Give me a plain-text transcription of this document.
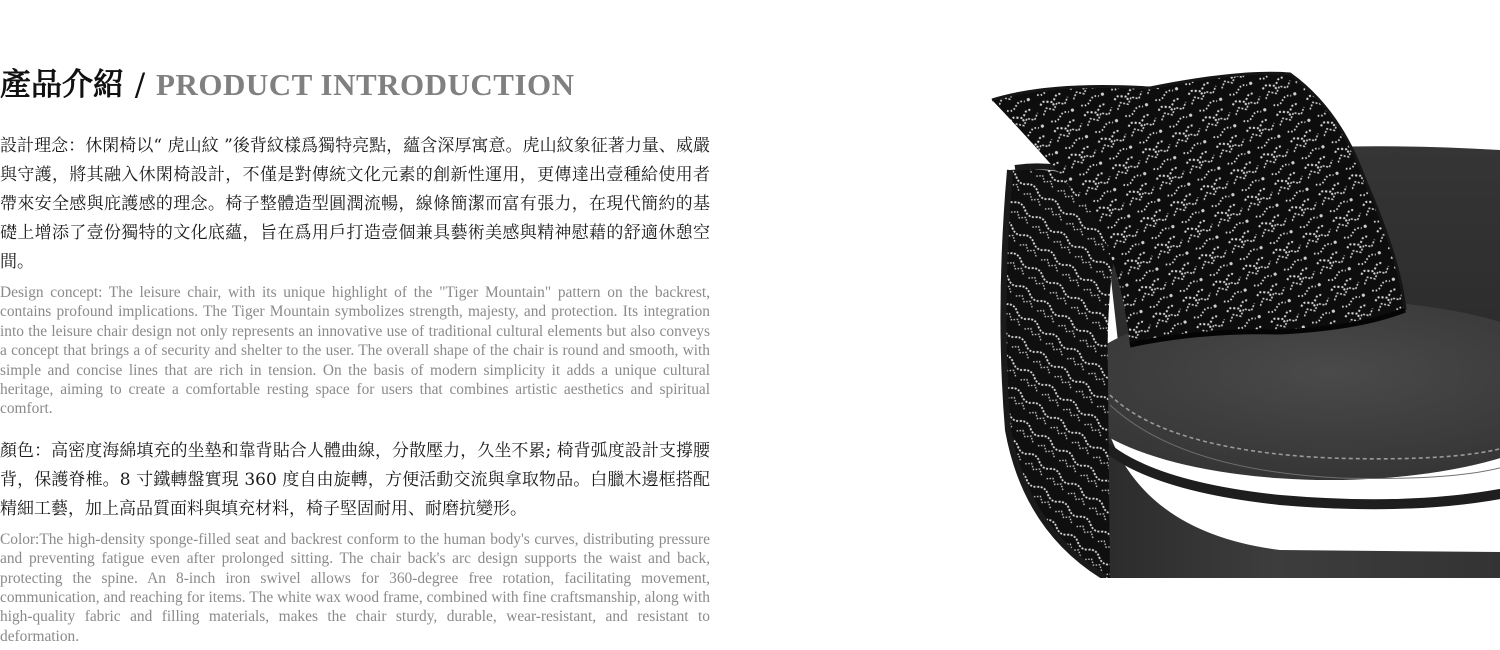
產品介紹 / PRODUCT INTRODUCTION

設計理念：休閑椅以“ 虎山紋 ”後背紋樣爲獨特亮點，蘊含深厚寓意。虎山紋象征著力量、威嚴與守護，將其融入休閑椅設計，不僅是對傳統文化元素的創新性運用，更傳達出壹種給使用者帶來安全感與庇護感的理念。椅子整體造型圓潤流暢，線條簡潔而富有張力，在現代簡約的基礎上增添了壹份獨特的文化底蘊，旨在爲用戶打造壹個兼具藝術美感與精神慰藉的舒適休憩空間。

Design concept: The leisure chair, with its unique highlight of the "Tiger Mountain" pattern on the backrest, contains profound implications. The Tiger Mountain symbolizes strength, majesty, and protection. Its integration into the leisure chair design not only represents an innovative use of traditional cultural elements but also conveys a concept that brings a of security and shelter to the user. The overall shape of the chair is round and smooth, with simple and concise lines that are rich in tension. On the basis of modern simplicity it adds a unique cultural heritage, aiming to create a comfortable resting space for users that combines artistic aesthetics and spiritual comfort.

顏色：高密度海綿填充的坐墊和靠背貼合人體曲線，分散壓力，久坐不累; 椅背弧度設計支撐腰背，保護脊椎。8 寸鐵轉盤實現 360 度自由旋轉，方便活動交流與拿取物品。白臘木邊框搭配精細工藝，加上高品質面料與填充材料，椅子堅固耐用、耐磨抗變形。

Color:The high-density sponge-filled seat and backrest conform to the human body's curves, distributing pressure and preventing fatigue even after prolonged sitting. The chair back's arc design supports the waist and back, protecting the spine. An 8-inch iron swivel allows for 360-degree free rotation, facilitating movement, communication, and reaching for items. The white wax wood frame, combined with fine craftsmanship, along with high-quality fabric and filling materials, makes the chair sturdy, durable, wear-resistant, and resistant to deformation.
